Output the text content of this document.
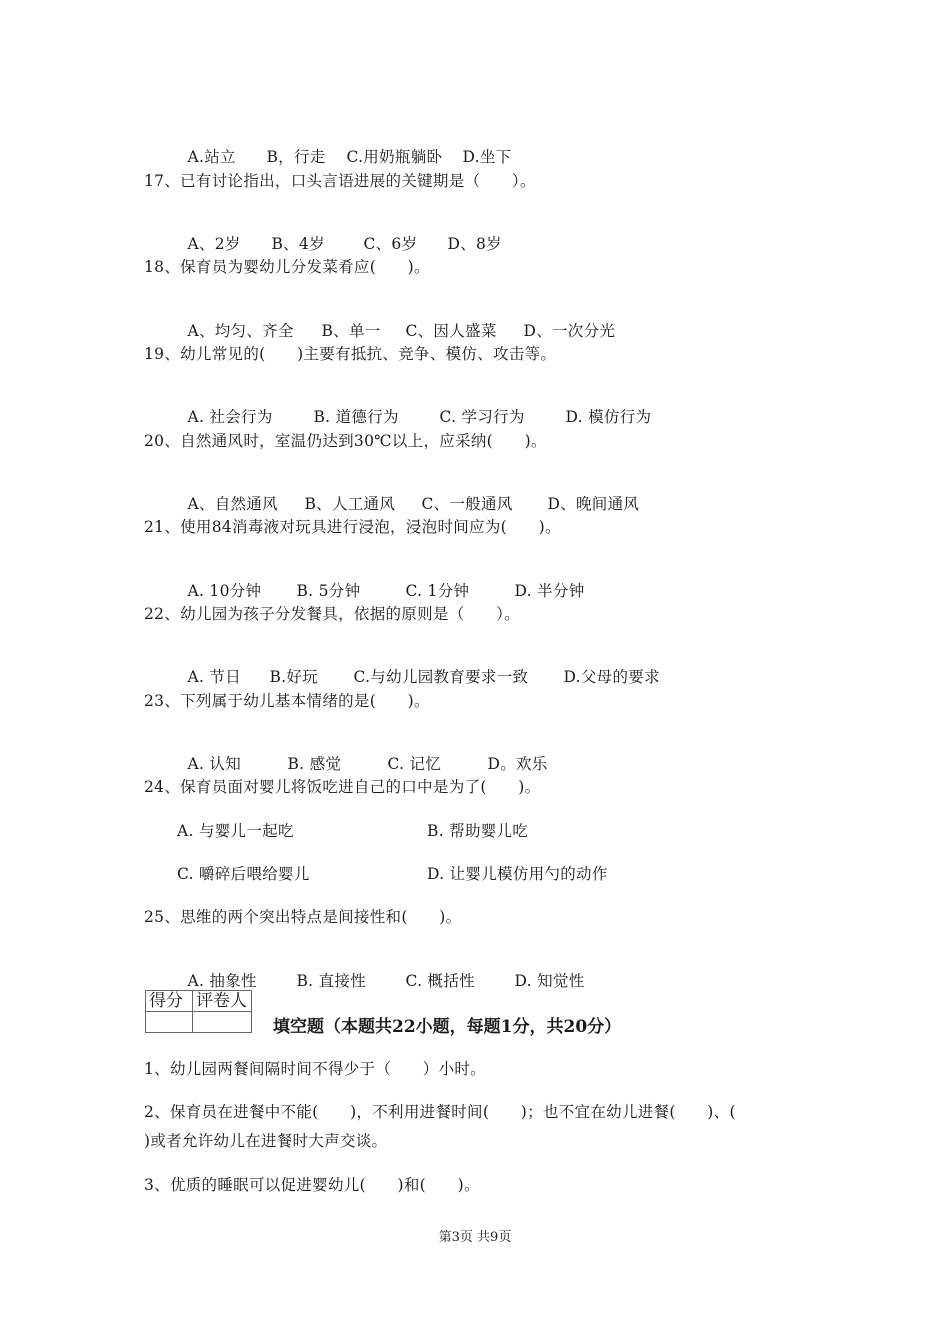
A.站立 B，行走 C.用奶瓶躺卧 D.坐下

17、已有讨论指出，口头言语进展的关键期是（　　）。

A、2岁 B、4岁 C、6岁 D、8岁

18、保育员为婴幼儿分发菜肴应(　　)。

A、均匀、齐全 B、单一 C、因人盛菜 D、一次分光

19、幼儿常见的(　　)主要有抵抗、竞争、模仿、攻击等。

A. 社会行为	B. 道德行为	C. 学习行为	D. 模仿行为

20、自然通风时，室温仍达到30℃以上，应采纳(　　)。

A、自然通风 B、人工通风 C、一般通风 D、晚间通风

21、使用84消毒液对玩具进行浸泡，浸泡时间应为(　　)。

A. 10分钟 B. 5分钟	C. 1分钟	D. 半分钟

22、幼儿园为孩子分发餐具，依据的原则是（　　）。

A. 节日 B.好玩 C.与幼儿园教育要求一致 D.父母的要求

23、下列属于幼儿基本情绪的是(　　)。

A. 认知	B. 感觉	C. 记忆	D。欢乐

24、保育员面对婴儿将饭吃进自己的口中是为了(　　)。
A. 与婴儿一起吃	B. 帮助婴儿吃
C. 嚼碎后喂给婴儿	D. 让婴儿模仿用勺的动作
25、思维的两个突出特点是间接性和(　　)。

A. 抽象性	B. 直接性	C. 概括性	D. 知觉性

得分	评卷人

填空题（本题共22小题，每题1分，共20分）
1、幼儿园两餐间隔时间不得少于（　　）小时。
2、保育员在进餐中不能(　　)，不利用进餐时间(　　)；也不宜在幼儿进餐(　　)、(
)或者允许幼儿在进餐时大声交谈。
3、优质的睡眠可以促进婴幼儿(　　)和(　　)。
第3页 共9页
